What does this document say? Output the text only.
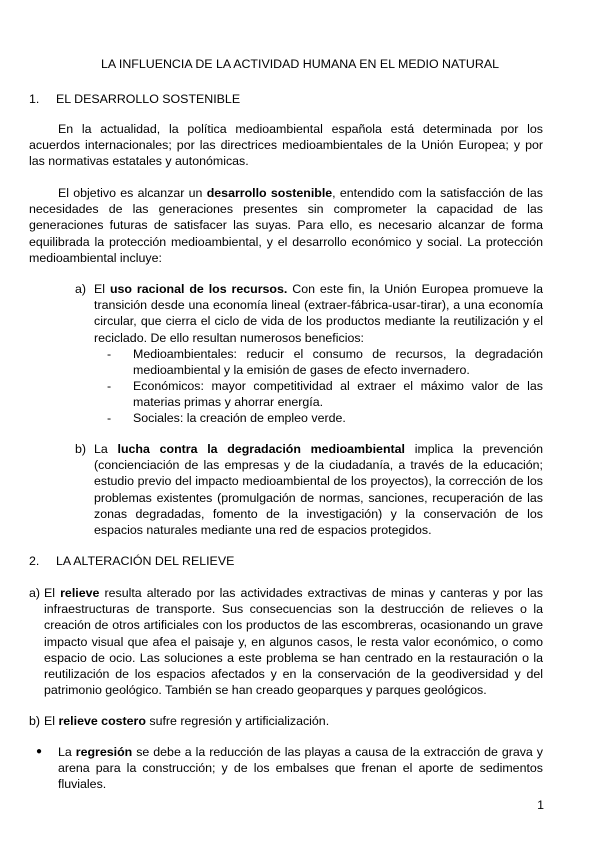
LA INFLUENCIA DE LA ACTIVIDAD HUMANA EN EL MEDIO NATURAL
1. EL DESARROLLO SOSTENIBLE
En la actualidad, la política medioambiental española está determinada por los acuerdos internacionales; por las directrices medioambientales de la Unión Europea; y por las normativas estatales y autonómicas.
El objetivo es alcanzar un desarrollo sostenible, entendido com la satisfacción de las necesidades de las generaciones presentes sin comprometer la capacidad de las generaciones futuras de satisfacer las suyas. Para ello, es necesario alcanzar de forma equilibrada la protección medioambiental, y el desarrollo económico y social. La protección medioambiental incluye:
a) El uso racional de los recursos. Con este fin, la Unión Europea promueve la transición desde una economía lineal (extraer-fábrica-usar-tirar), a una economía circular, que cierra el ciclo de vida de los productos mediante la reutilización y el reciclado. De ello resultan numerosos beneficios:
- Medioambientales: reducir el consumo de recursos, la degradación medioambiental y la emisión de gases de efecto invernadero.
- Económicos: mayor competitividad al extraer el máximo valor de las materias primas y ahorrar energía.
- Sociales: la creación de empleo verde.
b) La lucha contra la degradación medioambiental implica la prevención (concienciación de las empresas y de la ciudadanía, a través de la educación; estudio previo del impacto medioambiental de los proyectos), la corrección de los problemas existentes (promulgación de normas, sanciones, recuperación de las zonas degradadas, fomento de la investigación) y la conservación de los espacios naturales mediante una red de espacios protegidos.
2. LA ALTERACIÓN DEL RELIEVE
a) El relieve resulta alterado por las actividades extractivas de minas y canteras y por las infraestructuras de transporte. Sus consecuencias son la destrucción de relieves o la creación de otros artificiales con los productos de las escombreras, ocasionando un grave impacto visual que afea el paisaje y, en algunos casos, le resta valor económico, o como espacio de ocio. Las soluciones a este problema se han centrado en la restauración o la reutilización de los espacios afectados y en la conservación de la geodiversidad y del patrimonio geológico. También se han creado geoparques y parques geológicos.
b) El relieve costero sufre regresión y artificialización.
● La regresión se debe a la reducción de las playas a causa de la extracción de grava y arena para la construcción; y de los embalses que frenan el aporte de sedimentos fluviales.
1
